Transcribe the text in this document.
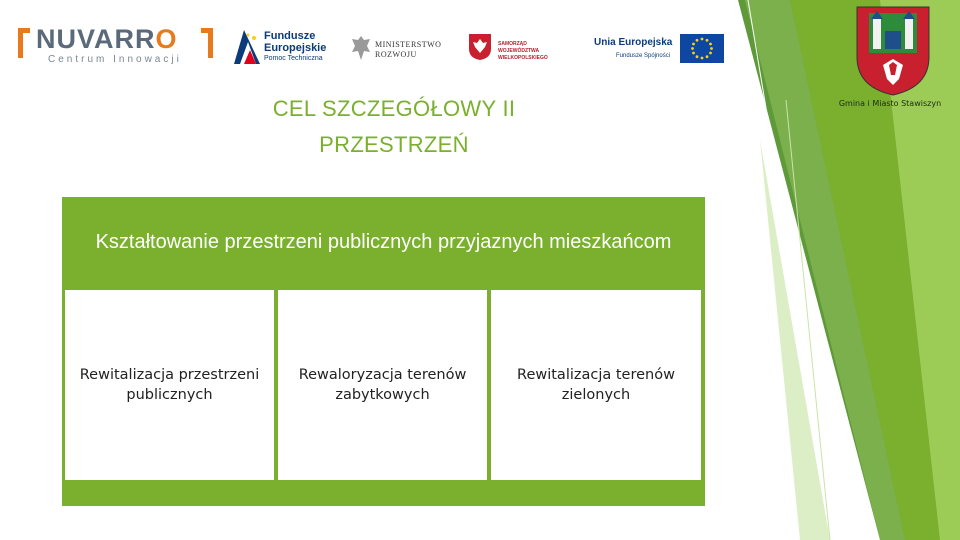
NUVARRO
Centrum Innowacji
Fundusze
Europejskie
Pomoc Techniczna
MINISTERSTWO
ROZWOJU
SAMORZĄD WOJEWÓDZTWA
WIELKOPOLSKIEGO
Unia Europejska
Fundusze Spójności
Gmina i Miasto Stawiszyn
CEL SZCZEGÓŁOWY II
PRZESTRZEŃ
Kształtowanie przestrzeni publicznych przyjaznych mieszkańcom
Rewitalizacja przestrzeni publicznych
Rewaloryzacja terenów zabytkowych
Rewitalizacja terenów zielonych
